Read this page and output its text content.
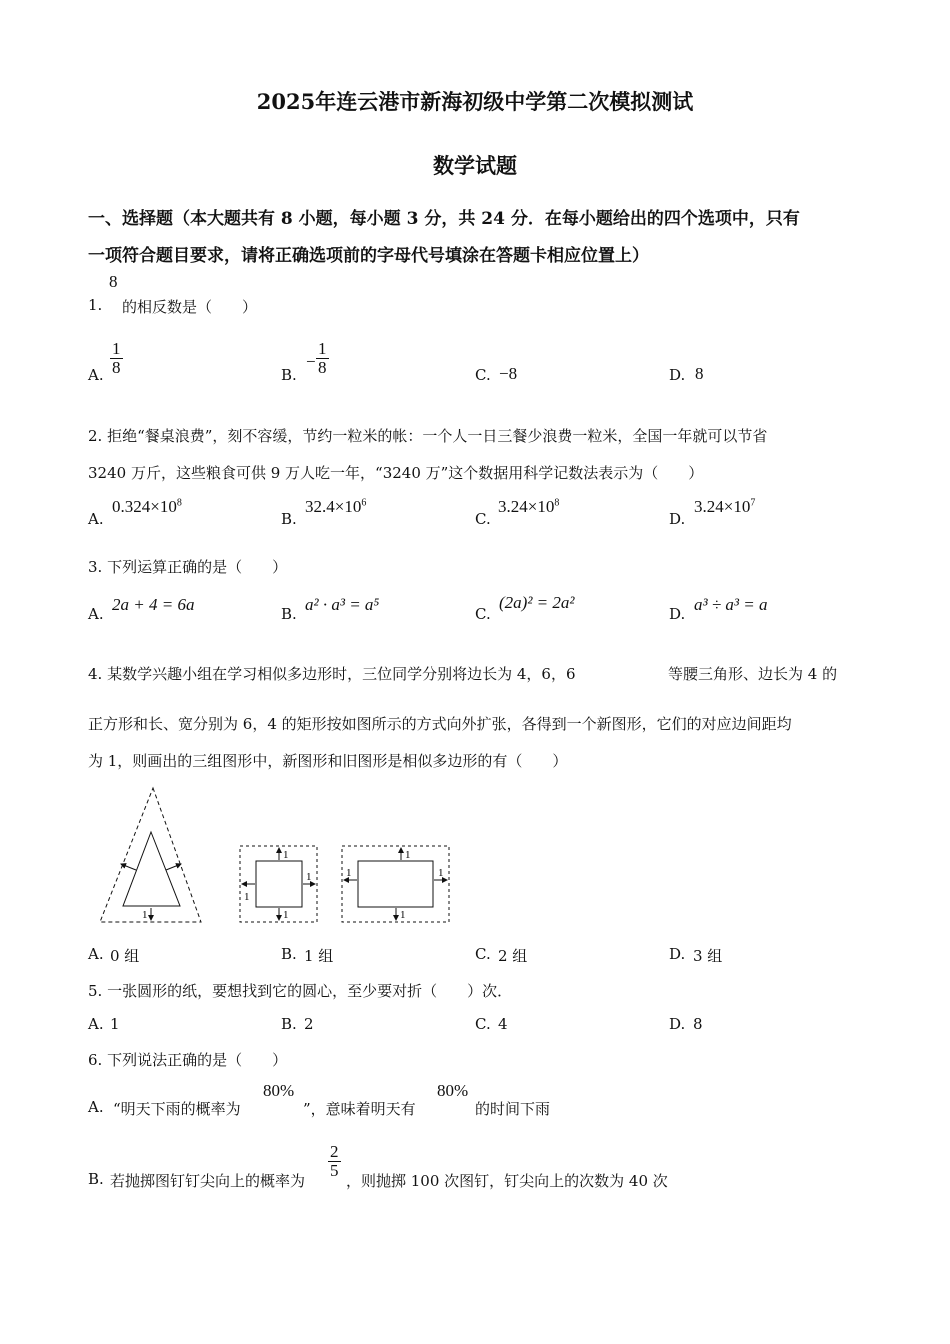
2025年连云港市新海初级中学第二次模拟测试
数学试题
一、选择题（本大题共有 8 小题，每小题 3 分，共 24 分．在每小题给出的四个选项中，只有
一项符合题目要求，请将正确选项前的字母代号填涂在答题卡相应位置上）
1.
8
的相反数是（　　）
A. $\frac{1}{8}$	B.
− $\frac{1}{8}$	C. −8	D. 8
2. 拒绝“餐桌浪费”，刻不容缓，节约一粒米的帐：一个人一日三餐少浪费一粒米，全国一年就可以节省
3240 万斤，这些粮食可供 9 万人吃一年，“3240 万”这个数据用科学记数法表示为（　　）
A.
$0.324\times 10^8$
B.
$32.4\times 10^6$
C.
$3.24\times 10^8$
D.
$3.24\times 10^7$
3. 下列运算正确的是（　　）
A. 2a + 4 = 6a	B. a² · a³ = a⁵	C.
(2a)² = 2a²
D. a³ ÷ a³ = a
4. 某数学兴趣小组在学习相似多边形时，三位同学分别将边长为 4，6，6	等腰三角形、边长为 4 的
正方形和长、宽分别为 6，4 的矩形按如图所示的方式向外扩张，各得到一个新图形，它们的对应边间距均
为 1，则画出的三组图形中，新图形和旧图形是相似多边形的有（　　）
1
1
1
1
1
1
1
1	1
A. 0 组	B. 1 组	C. 2 组	D. 3 组
5. 一张圆形的纸，要想找到它的圆心，至少要对折（　　）次．
A. 1	B. 2	C. 4	D. 8
6. 下列说法正确的是（　　）
A. “明天下雨的概率为
80%
”，意味着明天有
80%
的时间下雨
B. 若抛掷图钉钉尖向上的概率为
$\frac{2}{5}$
，则抛掷 100 次图钉，钉尖向上的次数为 40 次
